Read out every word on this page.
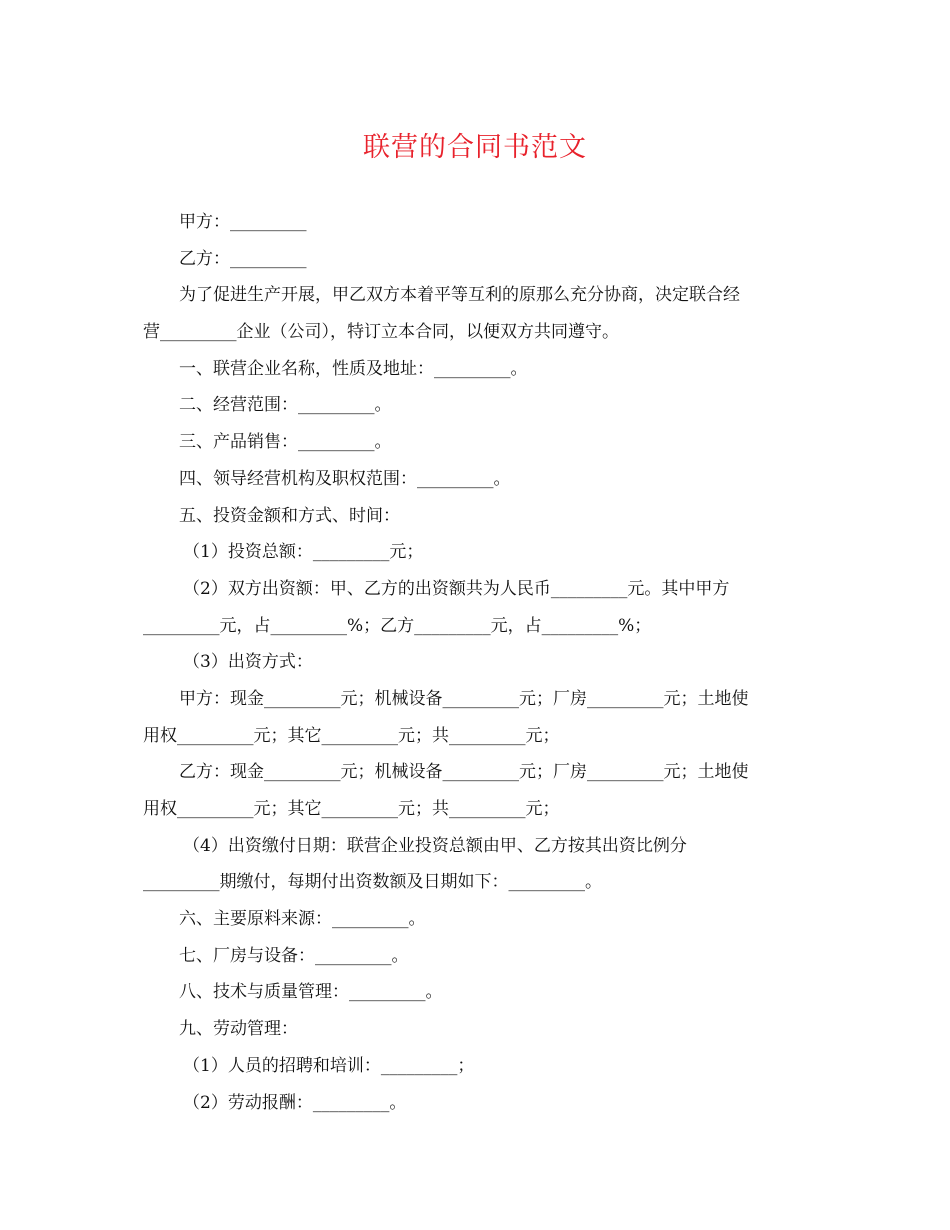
联营的合同书范文
甲方：_________
乙方：_________
为了促进生产开展，甲乙双方本着平等互利的原那么充分协商，决定联合经
营_________企业（公司），特订立本合同，以便双方共同遵守。
一、联营企业名称，性质及地址：_________。
二、经营范围：_________。
三、产品销售：_________。
四、领导经营机构及职权范围：_________。
五、投资金额和方式、时间：
（1）投资总额：_________元；
（2）双方出资额：甲、乙方的出资额共为人民币_________元。其中甲方
_________元，占_________%；乙方_________元，占_________%；
（3）出资方式：
甲方：现金_________元；机械设备_________元；厂房_________元；土地使
用权_________元；其它_________元；共_________元；
乙方：现金_________元；机械设备_________元；厂房_________元；土地使
用权_________元；其它_________元；共_________元；
（4）出资缴付日期：联营企业投资总额由甲、乙方按其出资比例分
_________期缴付，每期付出资数额及日期如下：_________。
六、主要原料来源：_________。
七、厂房与设备：_________。
八、技术与质量管理：_________。
九、劳动管理：
（1）人员的招聘和培训：_________；
（2）劳动报酬：_________。
